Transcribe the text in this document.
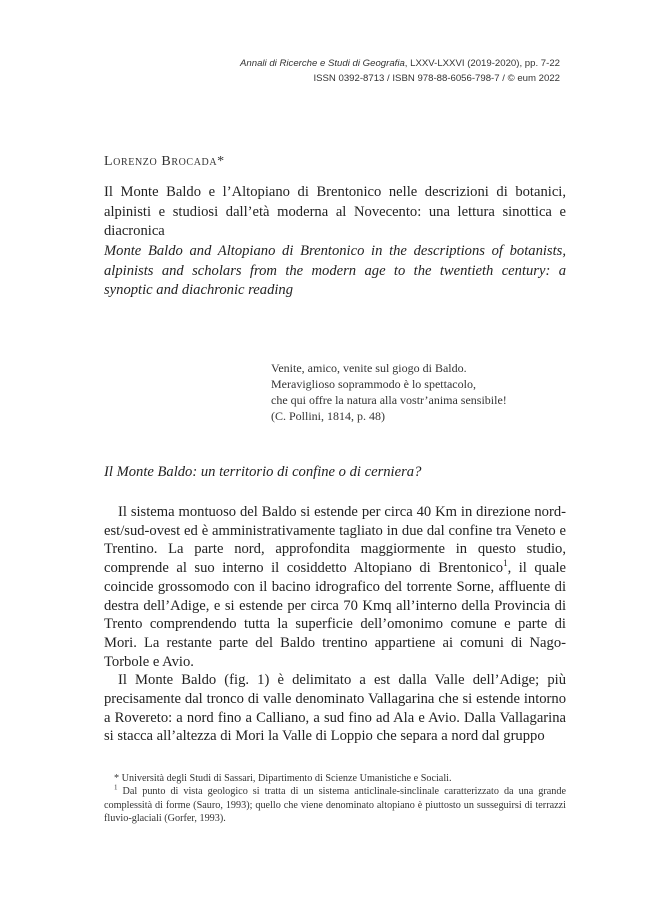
Annali di Ricerche e Studi di Geografia, LXXV-LXXVI (2019-2020), pp. 7-22
ISSN 0392-8713 / ISBN 978-88-6056-798-7 / © eum 2022
Lorenzo Brocada*
Il Monte Baldo e l’Altopiano di Brentonico nelle descrizioni di botanici, alpinisti e studiosi dall’età moderna al Novecento: una lettura sinottica e diacronica
Monte Baldo and Altopiano di Brentonico in the descriptions of botanists, alpinists and scholars from the modern age to the twentieth century: a synoptic and diachronic reading
Venite, amico, venite sul giogo di Baldo.
Meraviglioso soprammodo è lo spettacolo,
che qui offre la natura alla vostr’anima sensibile!
(C. Pollini, 1814, p. 48)
Il Monte Baldo: un territorio di confine o di cerniera?

Il sistema montuoso del Baldo si estende per circa 40 Km in direzione nord-est/sud-ovest ed è amministrativamente tagliato in due dal confine tra Veneto e Trentino. La parte nord, approfondita maggiormente in questo studio, comprende al suo interno il cosiddetto Altopiano di Brentonico$^1$, il quale coincide grossomodo con il bacino idrografico del torrente Sorne, affluente di destra dell’Adige, e si estende per circa 70 Kmq all’interno della Provincia di Trento comprendendo tutta la superficie dell’omonimo comune e parte di Mori. La restante parte del Baldo trentino appartiene ai comuni di Nago-Torbole e Avio.

Il Monte Baldo (fig. 1) è delimitato a est dalla Valle dell’Adige; più precisamente dal tronco di valle denominato Vallagarina che si estende intorno a Rovereto: a nord fino a Calliano, a sud fino ad Ala e Avio. Dalla Vallagarina si stacca all’altezza di Mori la Valle di Loppio che separa a nord dal gruppo

* Università degli Studi di Sassari, Dipartimento di Scienze Umanistiche e Sociali.

$^1$ Dal punto di vista geologico si tratta di un sistema anticlinale-sinclinale caratterizzato da una grande complessità di forme (Sauro, 1993); quello che viene denominato altopiano è piuttosto un susseguirsi di terrazzi fluvio-glaciali (Gorfer, 1993).
